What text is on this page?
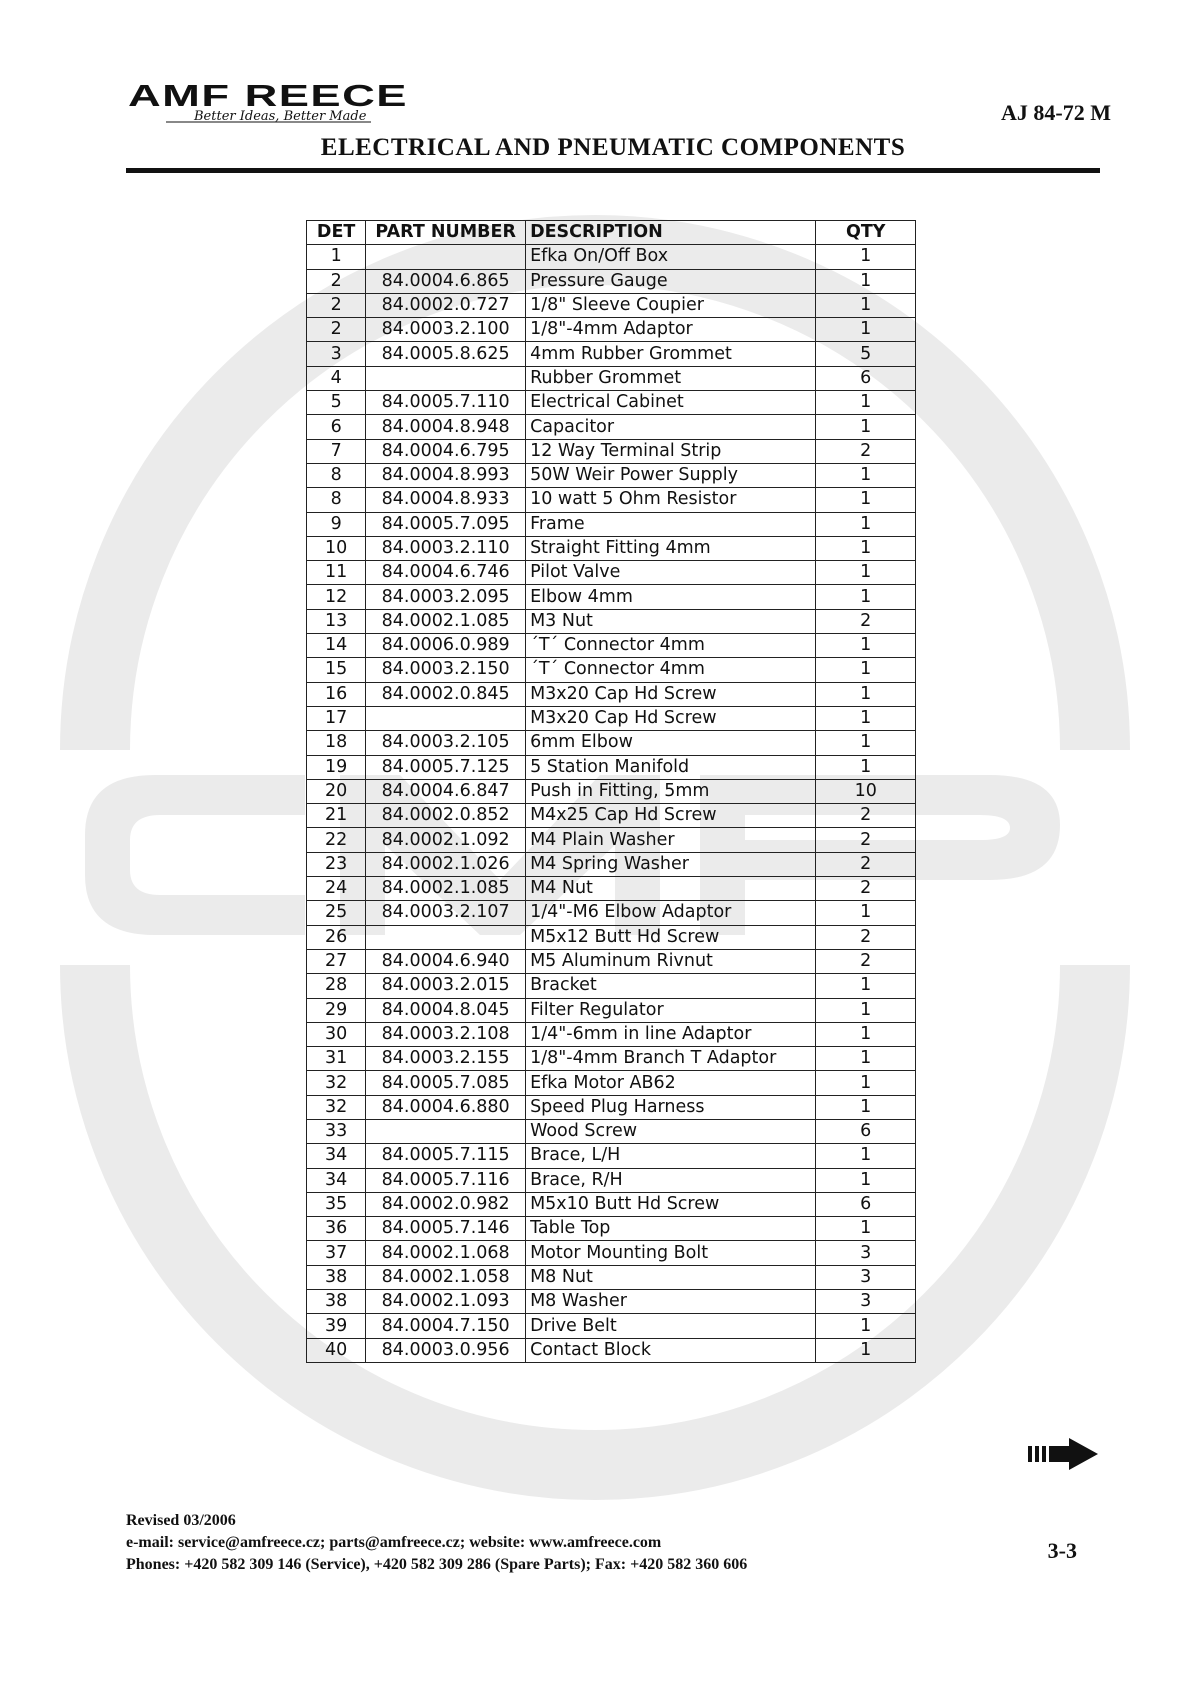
AMF REECE
Better Ideas, Better Made	AJ 84-72 M
ELECTRICAL AND PNEUMATIC COMPONENTS
DET	PART NUMBER	DESCRIPTION	QTY
1		Efka On/Off Box	1
2	84.0004.6.865	Pressure Gauge	1
2	84.0002.0.727	1/8" Sleeve Coupier	1
2	84.0003.2.100	1/8"-4mm Adaptor	1
3	84.0005.8.625	4mm Rubber Grommet	5
4		Rubber Grommet	6
5	84.0005.7.110	Electrical Cabinet	1
6	84.0004.8.948	Capacitor	1
7	84.0004.6.795	12 Way Terminal Strip	2
8	84.0004.8.993	50W Weir Power Supply	1
8	84.0004.8.933	10 watt 5 Ohm Resistor	1
9	84.0005.7.095	Frame	1
10	84.0003.2.110	Straight Fitting 4mm	1
11	84.0004.6.746	Pilot Valve	1
12	84.0003.2.095	Elbow 4mm	1
13	84.0002.1.085	M3 Nut	2
14	84.0006.0.989	´T´ Connector 4mm	1
15	84.0003.2.150	´T´ Connector 4mm	1
16	84.0002.0.845	M3x20 Cap Hd Screw	1
17		M3x20 Cap Hd Screw	1
18	84.0003.2.105	6mm Elbow	1
19	84.0005.7.125	5 Station Manifold	1
20	84.0004.6.847	Push in Fitting, 5mm	10
21	84.0002.0.852	M4x25 Cap Hd Screw	2
22	84.0002.1.092	M4 Plain Washer	2
23	84.0002.1.026	M4 Spring Washer	2
24	84.0002.1.085	M4 Nut	2
25	84.0003.2.107	1/4"-M6 Elbow Adaptor	1
26		M5x12 Butt Hd Screw	2
27	84.0004.6.940	M5 Aluminum Rivnut	2
28	84.0003.2.015	Bracket	1
29	84.0004.8.045	Filter Regulator	1
30	84.0003.2.108	1/4"-6mm in line Adaptor	1
31	84.0003.2.155	1/8"-4mm Branch T Adaptor	1
32	84.0005.7.085	Efka Motor AB62	1
32	84.0004.6.880	Speed Plug Harness	1
33		Wood Screw	6
34	84.0005.7.115	Brace, L/H	1
34	84.0005.7.116	Brace, R/H	1
35	84.0002.0.982	M5x10 Butt Hd Screw	6
36	84.0005.7.146	Table Top	1
37	84.0002.1.068	Motor Mounting Bolt	3
38	84.0002.1.058	M8 Nut	3
38	84.0002.1.093	M8 Washer	3
39	84.0004.7.150	Drive Belt	1
40	84.0003.0.956	Contact Block	1
Revised 03/2006
e-mail: service@amfreece.cz; parts@amfreece.cz; website: www.amfreece.com
Phones: +420 582 309 146 (Service), +420 582 309 286 (Spare Parts); Fax: +420 582 360 606
3-3
